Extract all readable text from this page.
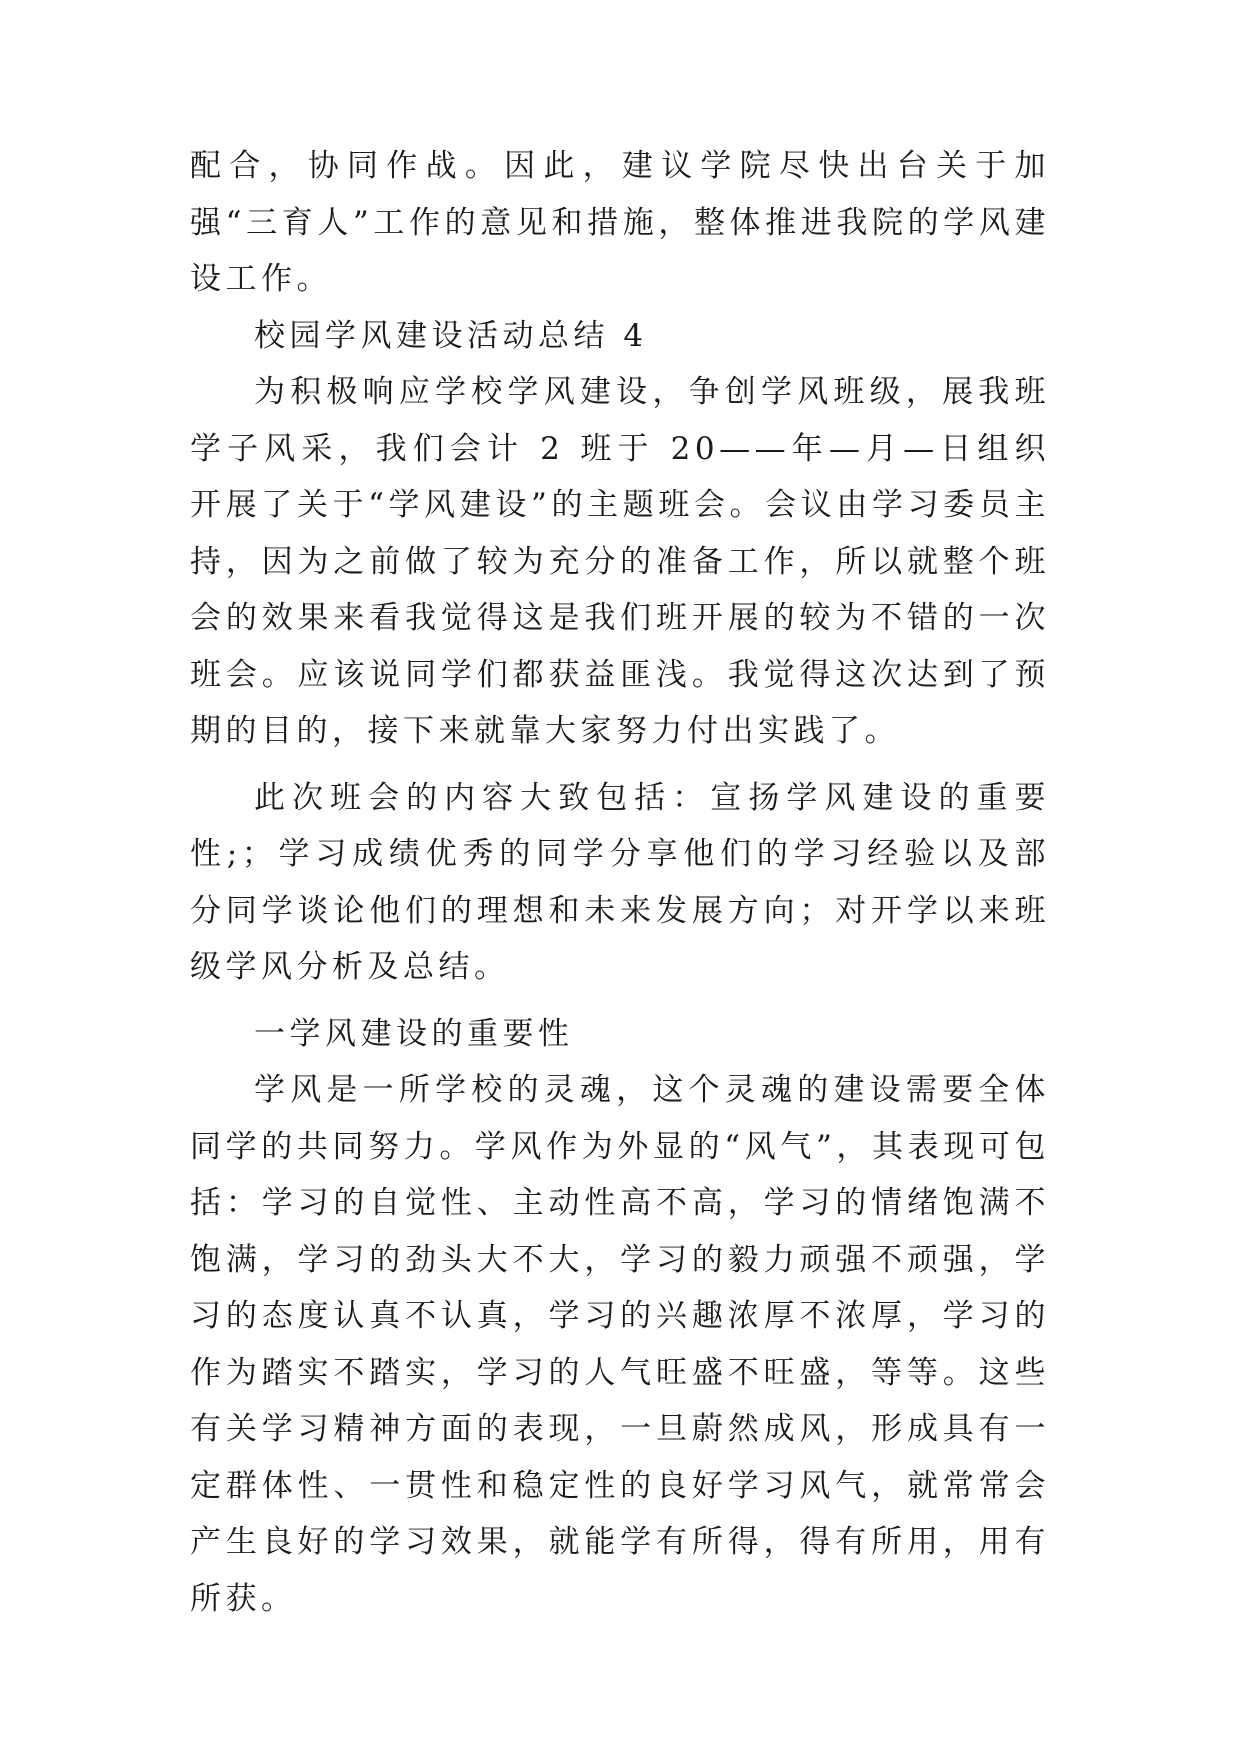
配合，协同作战。因此，建议学院尽快出台关于加强“三育人”工作的意见和措施，整体推进我院的学风建设工作。

校园学风建设活动总结 4

为积极响应学校学风建设，争创学风班级，展我班学子风采，我们会计 2 班于 20——年—月—日组织开展了关于“学风建设”的主题班会。会议由学习委员主持，因为之前做了较为充分的准备工作，所以就整个班会的效果来看我觉得这是我们班开展的较为不错的一次班会。应该说同学们都获益匪浅。我觉得这次达到了预期的目的，接下来就靠大家努力付出实践了。

此次班会的内容大致包括：宣扬学风建设的重要性;；学习成绩优秀的同学分享他们的学习经验以及部分同学谈论他们的理想和未来发展方向；对开学以来班级学风分析及总结。

一学风建设的重要性

学风是一所学校的灵魂，这个灵魂的建设需要全体同学的共同努力。学风作为外显的“风气”，其表现可包括：学习的自觉性、主动性高不高，学习的情绪饱满不饱满，学习的劲头大不大，学习的毅力顽强不顽强，学习的态度认真不认真，学习的兴趣浓厚不浓厚，学习的作为踏实不踏实，学习的人气旺盛不旺盛，等等。这些有关学习精神方面的表现，一旦蔚然成风，形成具有一定群体性、一贯性和稳定性的良好学习风气，就常常会产生良好的学习效果，就能学有所得，得有所用，用有所获。
